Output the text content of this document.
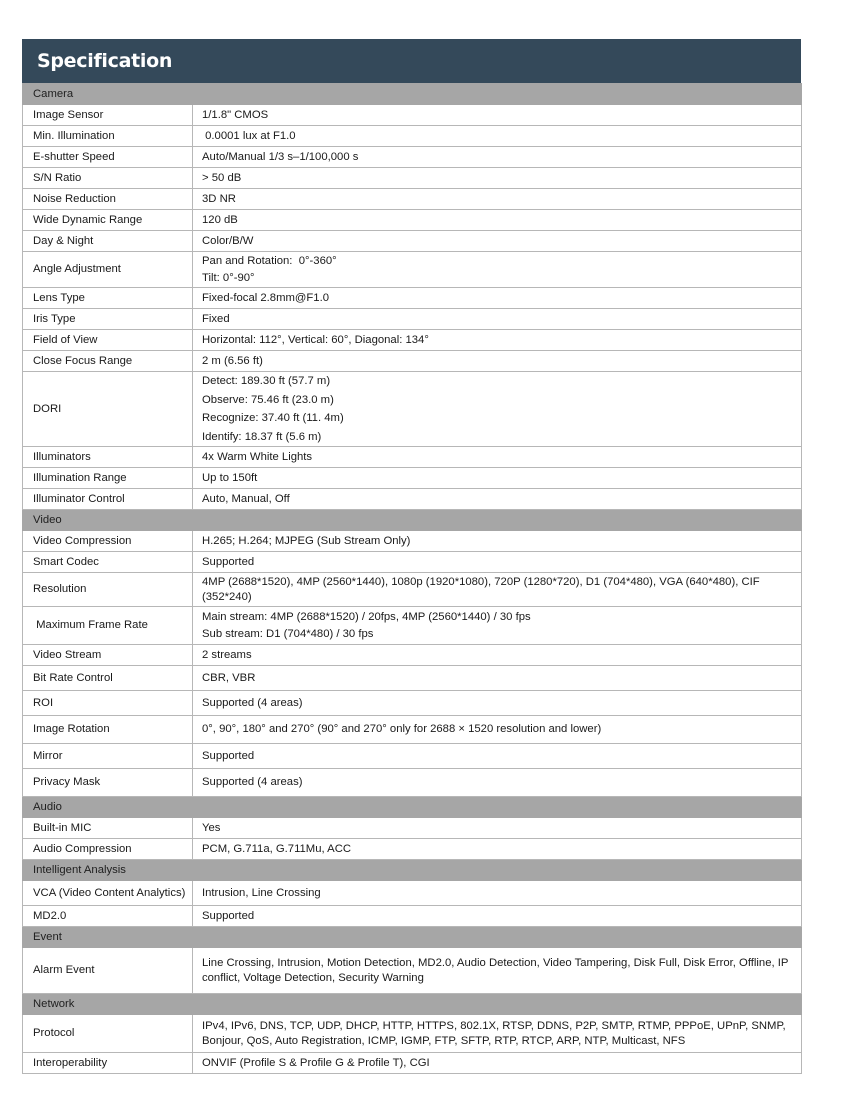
Specification
Camera	
Image Sensor	1/1.8" CMOS

Min. Illumination	0.0001 lux at F1.0

E-shutter Speed	Auto/Manual 1/3 s–1/100,000 s

S/N Ratio	> 50 dB

Noise Reduction	3D NR

Wide Dynamic Range	120 dB

Day & Night	Color/B/W

Angle Adjustment	Pan and Rotation:  0°-360°
Tilt: 0°-90°

Lens Type	Fixed-focal 2.8mm@F1.0

Iris Type	Fixed

Field of View	Horizontal: 112°, Vertical: 60°, Diagonal: 134°

Close Focus Range	2 m (6.56 ft)

DORI	Detect: 189.30 ft (57.7 m)
Observe: 75.46 ft (23.0 m)
Recognize: 37.40 ft (11. 4m)
Identify: 18.37 ft (5.6 m)

Illuminators	4x Warm White Lights

Illumination Range	Up to 150ft

Illuminator Control	Auto, Manual, Off

Video	
Video Compression	H.265; H.264; MJPEG (Sub Stream Only)

Smart Codec	Supported

Resolution	4MP (2688*1520), 4MP (2560*1440), 1080p (1920*1080), 720P (1280*720), D1 (704*480), VGA (640*480), CIF (352*240)

Maximum Frame Rate	Main stream: 4MP (2688*1520) / 20fps, 4MP (2560*1440) / 30 fps
Sub stream: D1 (704*480) / 30 fps

Video Stream	2 streams

Bit Rate Control	CBR, VBR

ROI	Supported (4 areas)

Image Rotation	0°, 90°, 180° and 270° (90° and 270° only for 2688 × 1520 resolution and lower)

Mirror	Supported

Privacy Mask	Supported (4 areas)

Audio	
Built-in MIC	Yes

Audio Compression	PCM, G.711a, G.711Mu, ACC

Intelligent Analysis	
VCA (Video Content Analytics)	Intrusion, Line Crossing

MD2.0	Supported

Event	
Alarm Event	Line Crossing, Intrusion, Motion Detection, MD2.0, Audio Detection, Video Tampering, Disk Full, Disk Error, Offline, IP conflict, Voltage Detection, Security Warning

Network	
Protocol	IPv4, IPv6, DNS, TCP, UDP, DHCP, HTTP, HTTPS, 802.1X, RTSP, DDNS, P2P, SMTP, RTMP, PPPoE, UPnP, SNMP, Bonjour, QoS, Auto Registration, ICMP, IGMP, FTP, SFTP, RTP, RTCP, ARP, NTP, Multicast, NFS

Interoperability	ONVIF (Profile S & Profile G & Profile T), CGI
